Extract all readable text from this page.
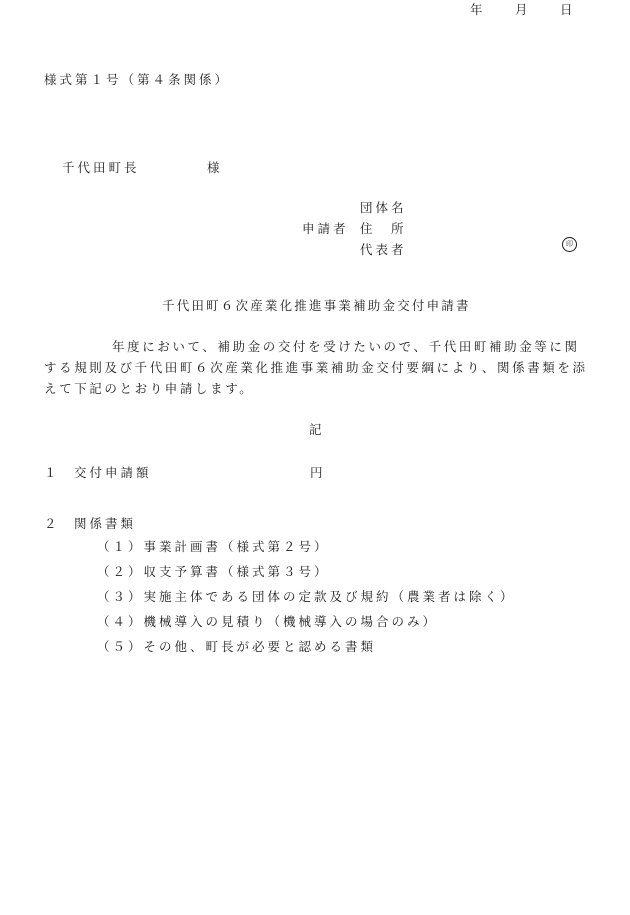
様式第１号（第４条関係）
年 月 日
千代田町長	様
団体名
申請者 住　所
代表者	印
千代田町６次産業化推進事業補助金交付申請書
年度において、補助金の交付を受けたいので、千代田町補助金等に関する規則及び千代田町６次産業化推進事業補助金交付要綱により、関係書類を添えて下記のとおり申請します。
記
１ 交付申請額	円
２ 関係書類
（１）事業計画書（様式第２号）
（２）収支予算書（様式第３号）
（３）実施主体である団体の定款及び規約（農業者は除く）
（４）機械導入の見積り（機械導入の場合のみ）
（５）その他、町長が必要と認める書類
